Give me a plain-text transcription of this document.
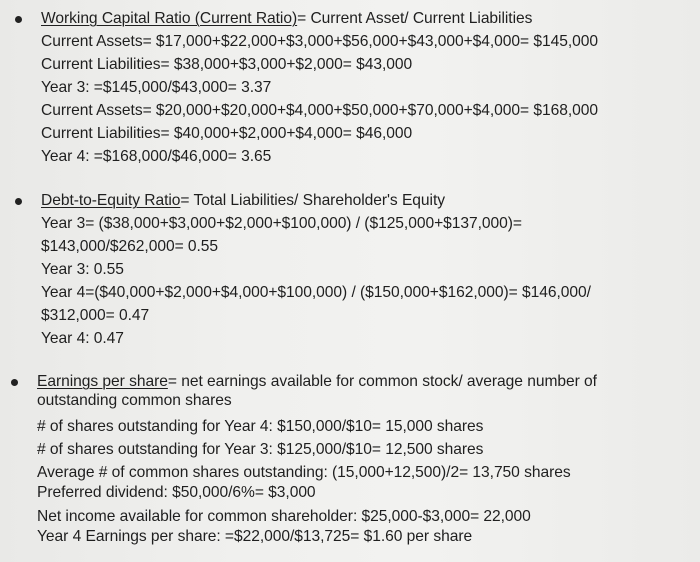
Working Capital Ratio (Current Ratio)= Current Asset/ Current Liabilities
Current Assets= $17,000+$22,000+$3,000+$56,000+$43,000+$4,000= $145,000
Current Liabilities= $38,000+$3,000+$2,000= $43,000
Year 3: =$145,000/$43,000= 3.37
Current Assets= $20,000+$20,000+$4,000+$50,000+$70,000+$4,000= $168,000
Current Liabilities= $40,000+$2,000+$4,000= $46,000
Year 4: =$168,000/$46,000= 3.65
Debt-to-Equity Ratio= Total Liabilities/ Shareholder's Equity
Year 3= ($38,000+$3,000+$2,000+$100,000) / ($125,000+$137,000)=
$143,000/$262,000= 0.55
Year 3: 0.55
Year 4=($40,000+$2,000+$4,000+$100,000) / ($150,000+$162,000)= $146,000/
$312,000= 0.47
Year 4: 0.47
Earnings per share= net earnings available for common stock/ average number of
outstanding common shares
# of shares outstanding for Year 4: $150,000/$10= 15,000 shares
# of shares outstanding for Year 3: $125,000/$10= 12,500 shares
Average # of common shares outstanding: (15,000+12,500)/2= 13,750 shares
Preferred dividend: $50,000/6%= $3,000
Net income available for common shareholder: $25,000-$3,000= 22,000
Year 4 Earnings per share: =$22,000/$13,725= $1.60 per share
